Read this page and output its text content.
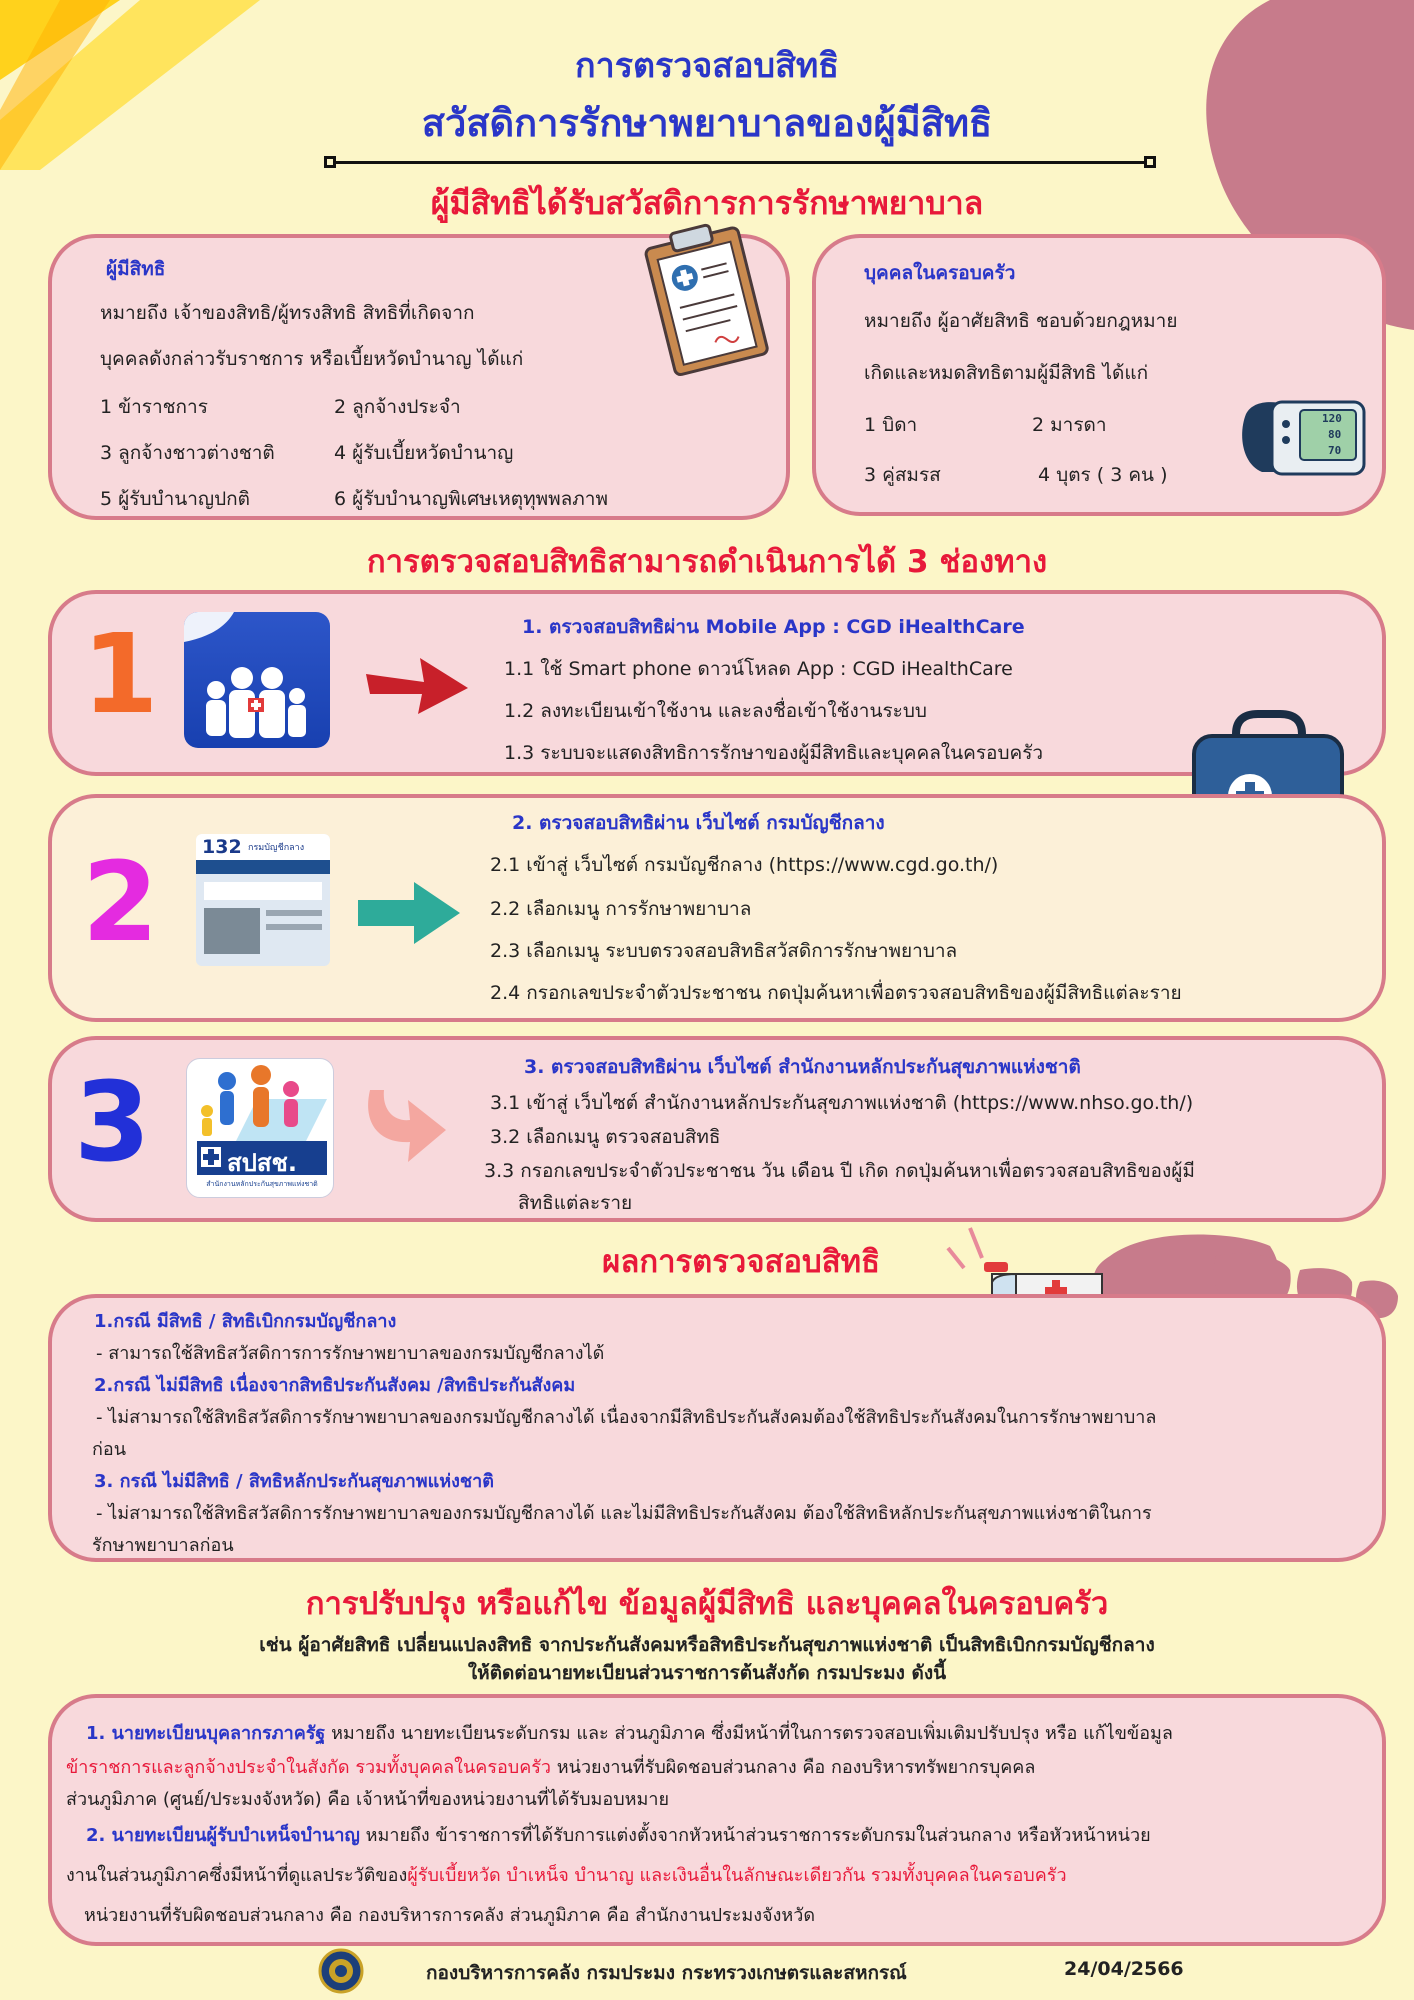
การตรวจสอบสิทธิ
สวัสดิการรักษาพยาบาลของผู้มีสิทธิ
ผู้มีสิทธิได้รับสวัสดิการการรักษาพยาบาล
ผู้มีสิทธิ
หมายถึง เจ้าของสิทธิ/ผู้ทรงสิทธิ สิทธิที่เกิดจาก
บุคคลดังกล่าวรับราชการ หรือเบี้ยหวัดบำนาญ ได้แก่
1 ข้าราชการ	2 ลูกจ้างประจำ
3 ลูกจ้างชาวต่างชาติ	4 ผู้รับเบี้ยหวัดบำนาญ
5 ผู้รับบำนาญปกติ	6 ผู้รับบำนาญพิเศษเหตุทุพพลภาพ
บุคคลในครอบครัว
หมายถึง ผู้อาศัยสิทธิ ชอบด้วยกฎหมาย
เกิดและหมดสิทธิตามผู้มีสิทธิ ได้แก่
1 บิดา	2 มารดา
3 คู่สมรส	4 บุตร ( 3 คน )
120
80
70
การตรวจสอบสิทธิสามารถดำเนินการได้ 3 ช่องทาง
1	1. ตรวจสอบสิทธิผ่าน Mobile App : CGD iHealthCare
1.1 ใช้ Smart phone ดาวน์โหลด App : CGD iHealthCare
1.2 ลงทะเบียนเข้าใช้งาน และลงชื่อเข้าใช้งานระบบ
1.3 ระบบจะแสดงสิทธิการรักษาของผู้มีสิทธิและบุคคลในครอบครัว
2 132 กรมบัญชีกลาง
2. ตรวจสอบสิทธิผ่าน เว็บไซต์ กรมบัญชีกลาง
2.1 เข้าสู่ เว็บไซต์ กรมบัญชีกลาง (https://www.cgd.go.th/)
2.2 เลือกเมนู การรักษาพยาบาล
2.3 เลือกเมนู ระบบตรวจสอบสิทธิสวัสดิการรักษาพยาบาล
2.4 กรอกเลขประจำตัวประชาชน กดปุ่มค้นหาเพื่อตรวจสอบสิทธิของผู้มีสิทธิแต่ละราย
3	สปสช.
สำนักงานหลักประกันสุขภาพแห่งชาติ
3. ตรวจสอบสิทธิผ่าน เว็บไซต์ สำนักงานหลักประกันสุขภาพแห่งชาติ
3.1 เข้าสู่ เว็บไซต์ สำนักงานหลักประกันสุขภาพแห่งชาติ (https://www.nhso.go.th/)
3.2 เลือกเมนู ตรวจสอบสิทธิ
3.3 กรอกเลขประจำตัวประชาชน วัน เดือน ปี เกิด กดปุ่มค้นหาเพื่อตรวจสอบสิทธิของผู้มี
สิทธิแต่ละราย
ผลการตรวจสอบสิทธิ
1.กรณี มีสิทธิ / สิทธิเบิกกรมบัญชีกลาง
- สามารถใช้สิทธิสวัสดิการการรักษาพยาบาลของกรมบัญชีกลางได้
2.กรณี ไม่มีสิทธิ เนื่องจากสิทธิประกันสังคม /สิทธิประกันสังคม
- ไม่สามารถใช้สิทธิสวัสดิการรักษาพยาบาลของกรมบัญชีกลางได้ เนื่องจากมีสิทธิประกันสังคมต้องใช้สิทธิประกันสังคมในการรักษาพยาบาล
ก่อน
3. กรณี ไม่มีสิทธิ / สิทธิหลักประกันสุขภาพแห่งชาติ
- ไม่สามารถใช้สิทธิสวัสดิการรักษาพยาบาลของกรมบัญชีกลางได้ และไม่มีสิทธิประกันสังคม ต้องใช้สิทธิหลักประกันสุขภาพแห่งชาติในการ
รักษาพยาบาลก่อน
การปรับปรุง หรือแก้ไข ข้อมูลผู้มีสิทธิ และบุคคลในครอบครัว
เช่น ผู้อาศัยสิทธิ เปลี่ยนแปลงสิทธิ จากประกันสังคมหรือสิทธิประกันสุขภาพแห่งชาติ เป็นสิทธิเบิกกรมบัญชีกลาง
ให้ติดต่อนายทะเบียนส่วนราชการต้นสังกัด กรมประมง ดังนี้
1. นายทะเบียนบุคลากรภาครัฐ หมายถึง นายทะเบียนระดับกรม และ ส่วนภูมิภาค ซึ่งมีหน้าที่ในการตรวจสอบเพิ่มเติมปรับปรุง หรือ แก้ไขข้อมูล
ข้าราชการและลูกจ้างประจำในสังกัด รวมทั้งบุคคลในครอบครัว หน่วยงานที่รับผิดชอบส่วนกลาง คือ กองบริหารทรัพยากรบุคคล
ส่วนภูมิภาค (ศูนย์/ประมงจังหวัด) คือ เจ้าหน้าที่ของหน่วยงานที่ได้รับมอบหมาย
2. นายทะเบียนผู้รับบำเหน็จบำนาญ หมายถึง ข้าราชการที่ได้รับการแต่งตั้งจากหัวหน้าส่วนราชการระดับกรมในส่วนกลาง หรือหัวหน้าหน่วย
งานในส่วนภูมิภาคซึ่งมีหน้าที่ดูแลประวัติของผู้รับเบี้ยหวัด บำเหน็จ บำนาญ และเงินอื่นในลักษณะเดียวกัน รวมทั้งบุคคลในครอบครัว
หน่วยงานที่รับผิดชอบส่วนกลาง คือ กองบริหารการคลัง ส่วนภูมิภาค คือ สำนักงานประมงจังหวัด
กองบริหารการคลัง กรมประมง กระทรวงเกษตรและสหกรณ์	24/04/2566
